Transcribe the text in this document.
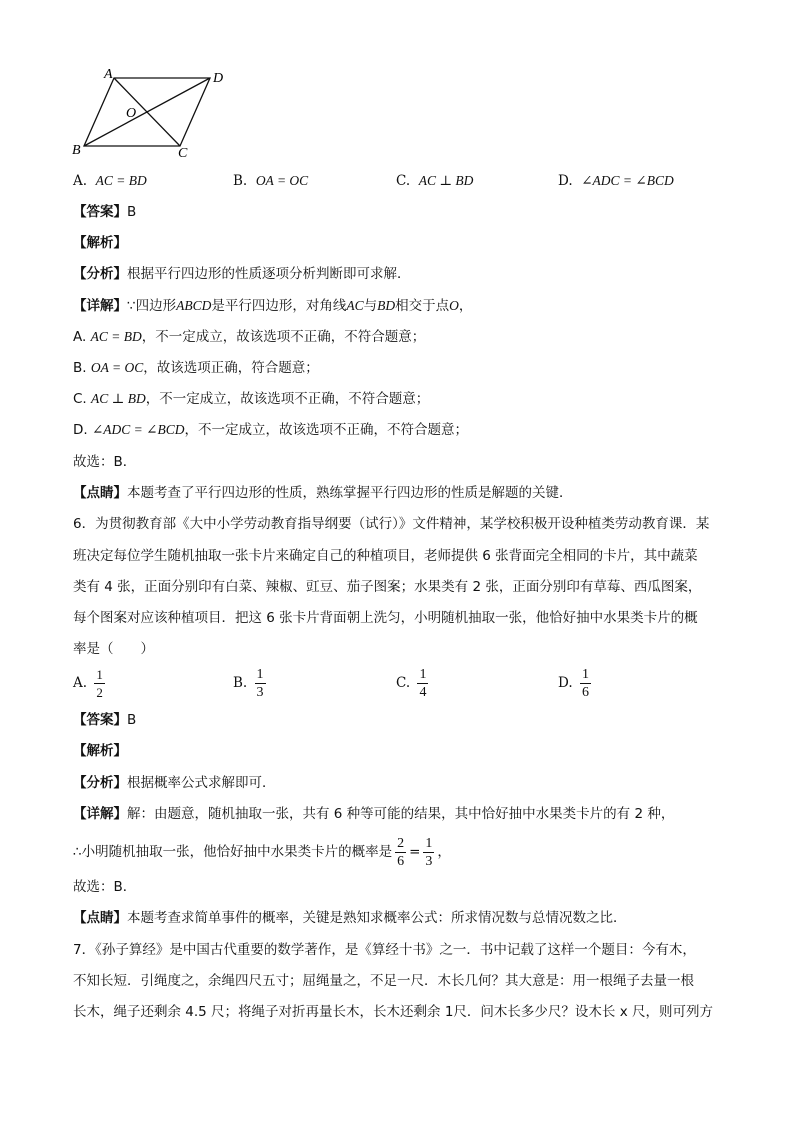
A	D
B	C
O
A. AC = BD	B. OA = OC	C. AC ⊥ BD	D. ∠ADC = ∠BCD
【答案】B
【解析】
【分析】根据平行四边形的性质逐项分析判断即可求解．
【详解】∵四边形ABCD是平行四边形，对角线AC与BD相交于点O，
A. AC = BD，不一定成立，故该选项不正确，不符合题意；
B. OA = OC，故该选项正确，符合题意；
C. AC ⊥ BD，不一定成立，故该选项不正确，不符合题意；
D. ∠ADC = ∠BCD，不一定成立，故该选项不正确，不符合题意；
故选：B．
【点睛】本题考查了平行四边形的性质，熟练掌握平行四边形的性质是解题的关键．
6．为贯彻教育部《大中小学劳动教育指导纲要（试行）》文件精神，某学校积极开设种植类劳动教育课．某
班决定每位学生随机抽取一张卡片来确定自己的种植项目，老师提供 6 张背面完全相同的卡片，其中蔬菜
类有 4 张，正面分别印有白菜、辣椒、豇豆、茄子图案；水果类有 2 张，正面分别印有草莓、西瓜图案，
每个图案对应该种植项目．把这 6 张卡片背面朝上洗匀，小明随机抽取一张，他恰好抽中水果类卡片的概
率是（　　）
A. $\frac{1}{2}$	B. $\frac{1}{3}$	C. $\frac{1}{4}$	D. $\frac{1}{6}$
【答案】B
【解析】
【分析】根据概率公式求解即可．
【详解】解：由题意，随机抽取一张，共有 6 种等可能的结果，其中恰好抽中水果类卡片的有 2 种，
∴小明随机抽取一张，他恰好抽中水果类卡片的概率是 $\frac{2}{6} = \frac{1}{3}$ ，
故选：B．
【点睛】本题考查求简单事件的概率，关键是熟知求概率公式：所求情况数与总情况数之比．
7．《孙子算经》是中国古代重要的数学著作，是《算经十书》之一．书中记载了这样一个题目：今有木，
不知长短．引绳度之，余绳四尺五寸；屈绳量之，不足一尺．木长几何？其大意是：用一根绳子去量一根
长木，绳子还剩余 4.5 尺；将绳子对折再量长木，长木还剩余 1尺．问木长多少尺？设木长 x 尺，则可列方
